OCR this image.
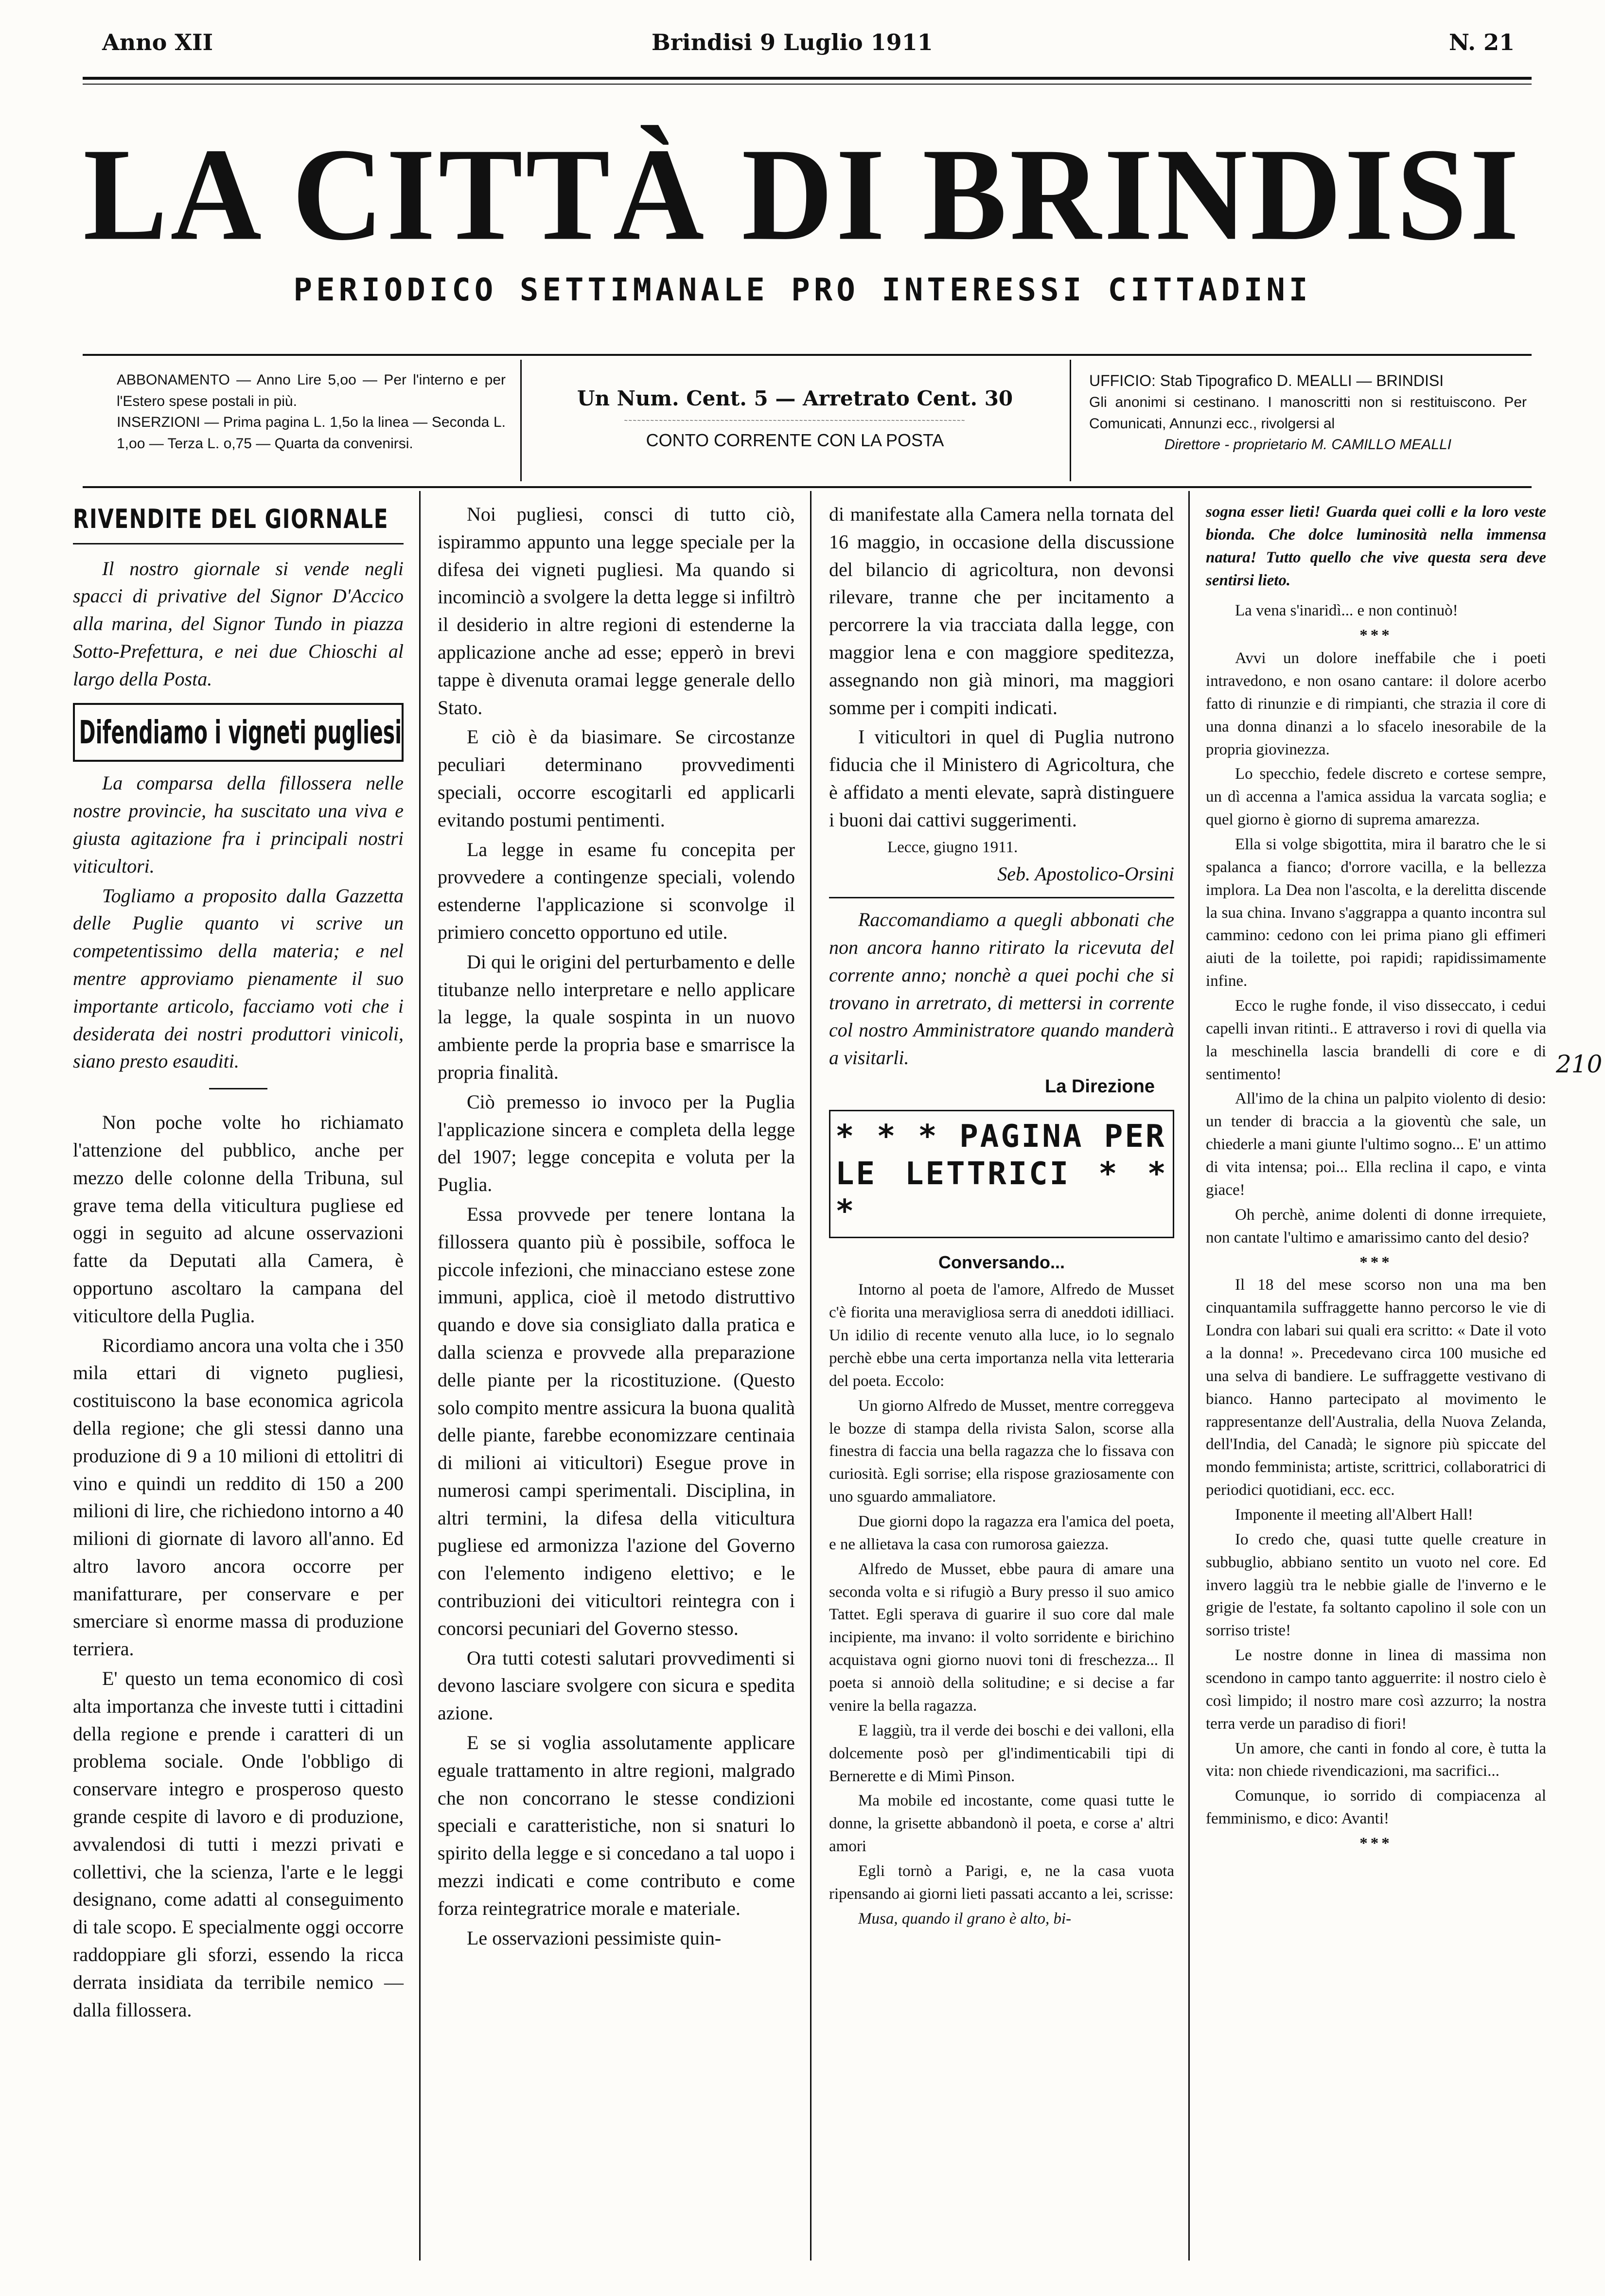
Anno XII	Brindisi 9 Luglio 1911	N. 21
LA CITTÀ DI BRINDISI
PERIODICO SETTIMANALE PRO INTERESSI CITTADINI
ABBONAMENTO — Anno Lire 5,oo — Per l'interno e per l'Estero spese postali in più.
INSERZIONI — Prima pagina L. 1,5o la linea — Seconda L. 1,oo — Terza L. o,75 — Quarta da convenirsi.
Un Num. Cent. 5 — Arretrato Cent. 30
~~~~~~~~~~~~~~~~~~~~~~~~~~~~~~~~~~~~~~~~~~~~~~~~~~~~~~~~~~~~~~~~~~~~~~~~~~~~~~
CONTO CORRENTE CON LA POSTA
UFFICIO: Stab Tipografico D. MEALLI — BRINDISI
Gli anonimi si cestinano. I manoscritti non si restituiscono. Per Comunicati, Annunzi ecc., rivolgersi al
Direttore - proprietario M. CAMILLO MEALLI
210
RIVENDITE DEL GIORNALE

Il nostro giornale si vende negli spacci di privative del Signor D'Accico alla marina, del Signor Tundo in piazza Sotto-Prefettura, e nei due Chioschi al largo della Posta.

Difendiamo i vigneti pugliesi

La comparsa della fillossera nelle nostre provincie, ha suscitato una viva e giusta agitazione fra i principali nostri viticultori.

Togliamo a proposito dalla Gazzetta delle Puglie quanto vi scrive un competentissimo della materia; e nel mentre approviamo pienamente il suo importante articolo, facciamo voti che i desiderata dei nostri produttori vinicoli, siano presto esauditi.

Non poche volte ho richiamato l'attenzione del pubblico, anche per mezzo delle colonne della Tribuna, sul grave tema della viticultura pugliese ed oggi in seguito ad alcune osservazioni fatte da Deputati alla Camera, è opportuno ascoltaro la campana del viticultore della Puglia.

Ricordiamo ancora una volta che i 350 mila ettari di vigneto pugliesi, costituiscono la base economica agricola della regione; che gli stessi danno una produzione di 9 a 10 milioni di ettolitri di vino e quindi un reddito di 150 a 200 milioni di lire, che richiedono intorno a 40 milioni di giornate di lavoro all'anno. Ed altro lavoro ancora occorre per manifatturare, per conservare e per smerciare sì enorme massa di produzione terriera.

E' questo un tema economico di così alta importanza che investe tutti i cittadini della regione e prende i caratteri di un problema sociale. Onde l'obbligo di conservare integro e prosperoso questo grande cespite di lavoro e di produzione, avvalendosi di tutti i mezzi privati e collettivi, che la scienza, l'arte e le leggi designano, come adatti al conseguimento di tale scopo. E specialmente oggi occorre raddoppiare gli sforzi, essendo la ricca derrata insidiata da terribile nemico — dalla fillossera.

Noi pugliesi, consci di tutto ciò, ispirammo appunto una legge speciale per la difesa dei vigneti pugliesi. Ma quando si incominciò a svolgere la detta legge si infiltrò il desiderio in altre regioni di estenderne la applicazione anche ad esse; epperò in brevi tappe è divenuta oramai legge generale dello Stato.

E ciò è da biasimare. Se circostanze peculiari determinano provvedimenti speciali, occorre escogitarli ed applicarli evitando postumi pentimenti.

La legge in esame fu concepita per provvedere a contingenze speciali, volendo estenderne l'applicazione si sconvolge il primiero concetto opportuno ed utile.

Di qui le origini del perturbamento e delle titubanze nello interpretare e nello applicare la legge, la quale sospinta in un nuovo ambiente perde la propria base e smarrisce la propria finalità.

Ciò premesso io invoco per la Puglia l'applicazione sincera e completa della legge del 1907; legge concepita e voluta per la Puglia.

Essa provvede per tenere lontana la fillossera quanto più è possibile, soffoca le piccole infezioni, che minacciano estese zone immuni, applica, cioè il metodo distruttivo quando e dove sia consigliato dalla pratica e dalla scienza e provvede alla preparazione delle piante per la ricostituzione. (Questo solo compito mentre assicura la buona qualità delle piante, farebbe economizzare centinaia di milioni ai viticultori) Esegue prove in numerosi campi sperimentali. Disciplina, in altri termini, la difesa della viticultura pugliese ed armonizza l'azione del Governo con l'elemento indigeno elettivo; e le contribuzioni dei viticultori reintegra con i concorsi pecuniari del Governo stesso.

Ora tutti cotesti salutari provvedimenti si devono lasciare svolgere con sicura e spedita azione.

E se si voglia assolutamente applicare eguale trattamento in altre regioni, malgrado che non concorrano le stesse condizioni speciali e caratteristiche, non si snaturi lo spirito della legge e si concedano a tal uopo i mezzi indicati e come contributo e come forza reintegratrice morale e materiale.

Le osservazioni pessimiste quin-

di manifestate alla Camera nella tornata del 16 maggio, in occasione della discussione del bilancio di agricoltura, non devonsi rilevare, tranne che per incitamento a percorrere la via tracciata dalla legge, con maggior lena e con maggiore speditezza, assegnando non già minori, ma maggiori somme per i compiti indicati.

I viticultori in quel di Puglia nutrono fiducia che il Ministero di Agricoltura, che è affidato a menti elevate, saprà distinguere i buoni dai cattivi suggerimenti.

Lecce, giugno 1911.

Seb. Apostolico-Orsini

Raccomandiamo a quegli abbonati che non ancora hanno ritirato la ricevuta del corrente anno; nonchè a quei pochi che si trovano in arretrato, di mettersi in corrente col nostro Amministratore quando manderà a visitarli.

La Direzione

* * * PAGINA PER
LE LETTRICI * * *
Conversando...

Intorno al poeta de l'amore, Alfredo de Musset c'è fiorita una meravigliosa serra di aneddoti idilliaci. Un idilio di recente venuto alla luce, io lo segnalo perchè ebbe una certa importanza nella vita letteraria del poeta. Eccolo:

Un giorno Alfredo de Musset, mentre correggeva le bozze di stampa della rivista Salon, scorse alla finestra di faccia una bella ragazza che lo fissava con curiosità. Egli sorrise; ella rispose graziosamente con uno sguardo ammaliatore.

Due giorni dopo la ragazza era l'amica del poeta, e ne allietava la casa con rumorosa gaiezza.

Alfredo de Musset, ebbe paura di amare una seconda volta e si rifugiò a Bury presso il suo amico Tattet. Egli sperava di guarire il suo core dal male incipiente, ma invano: il volto sorridente e birichino acquistava ogni giorno nuovi toni di freschezza... Il poeta si annoiò della solitudine; e si decise a far venire la bella ragazza.

E laggiù, tra il verde dei boschi e dei valloni, ella dolcemente posò per gl'indimenticabili tipi di Bernerette e di Mimì Pinson.

Ma mobile ed incostante, come quasi tutte le donne, la grisette abbandonò il poeta, e corse a' altri amori

Egli tornò a Parigi, e, ne la casa vuota ripensando ai giorni lieti passati accanto a lei, scrisse:

Musa, quando il grano è alto, bi-

sogna esser lieti! Guarda quei colli e la loro veste bionda. Che dolce luminosità nella immensa natura! Tutto quello che vive questa sera deve sentirsi lieto.

La vena s'inaridì... e non continuò!

***

Avvi un dolore ineffabile che i poeti intravedono, e non osano cantare: il dolore acerbo fatto di rinunzie e di rimpianti, che strazia il core di una donna dinanzi a lo sfacelo inesorabile de la propria giovinezza.

Lo specchio, fedele discreto e cortese sempre, un dì accenna a l'amica assidua la varcata soglia; e quel giorno è giorno di suprema amarezza.

Ella si volge sbigottita, mira il baratro che le si spalanca a fianco; d'orrore vacilla, e la bellezza implora. La Dea non l'ascolta, e la derelitta discende la sua china. Invano s'aggrappa a quanto incontra sul cammino: cedono con lei prima piano gli effimeri aiuti de la toilette, poi rapidi; rapidissimamente infine.

Ecco le rughe fonde, il viso disseccato, i cedui capelli invan ritinti.. E attraverso i rovi di quella via la meschinella lascia brandelli di core e di sentimento!

All'imo de la china un palpito violento di desio: un tender di braccia a la gioventù che sale, un chiederle a mani giunte l'ultimo sogno... E' un attimo di vita intensa; poi... Ella reclina il capo, e vinta giace!

Oh perchè, anime dolenti di donne irrequiete, non cantate l'ultimo e amarissimo canto del desio?

***

Il 18 del mese scorso non una ma ben cinquantamila suffraggette hanno percorso le vie di Londra con labari sui quali era scritto: « Date il voto a la donna! ». Precedevano circa 100 musiche ed una selva di bandiere. Le suffraggette vestivano di bianco. Hanno partecipato al movimento le rappresentanze dell'Australia, della Nuova Zelanda, dell'India, del Canadà; le signore più spiccate del mondo femminista; artiste, scrittrici, collaboratrici di periodici quotidiani, ecc. ecc.

Imponente il meeting all'Albert Hall!

Io credo che, quasi tutte quelle creature in subbuglio, abbiano sentito un vuoto nel core. Ed invero laggiù tra le nebbie gialle de l'inverno e le grigie de l'estate, fa soltanto capolino il sole con un sorriso triste!

Le nostre donne in linea di massima non scendono in campo tanto agguerrite: il nostro cielo è così limpido; il nostro mare così azzurro; la nostra terra verde un paradiso di fiori!

Un amore, che canti in fondo al core, è tutta la vita: non chiede rivendicazioni, ma sacrifici...

Comunque, io sorrido di compiacenza al femminismo, e dico: Avanti!

***
